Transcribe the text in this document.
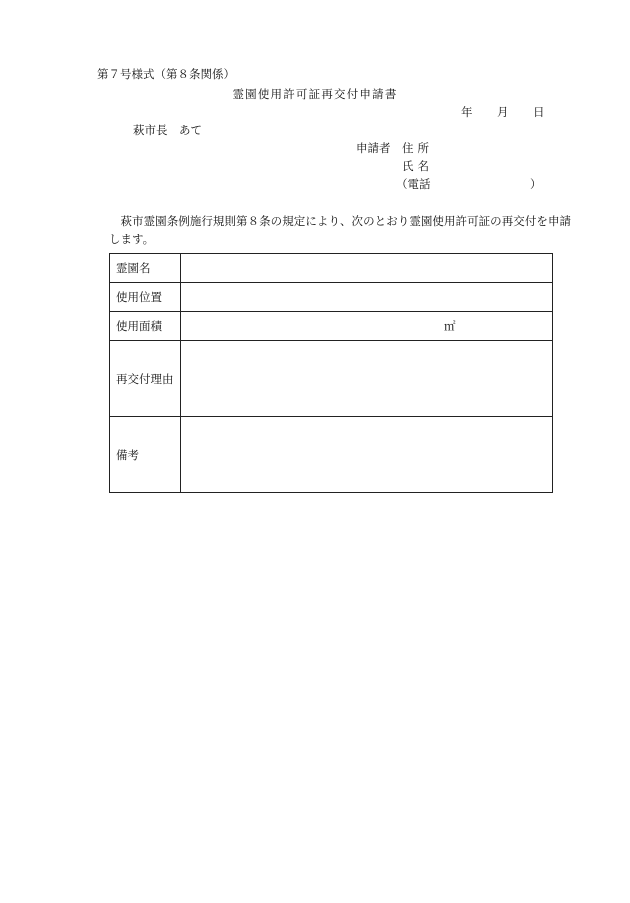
第７号様式（第８条関係）
霊園使用許可証再交付申請書
年 月 日
萩市長　あて
申請者 住所
氏名
（電話	）
萩市霊園条例施行規則第８条の規定により、次のとおり霊園使用許可証の再交付を申請します。
霊園名	
使用位置	
使用面積	㎡

再交付理由	
備考	
